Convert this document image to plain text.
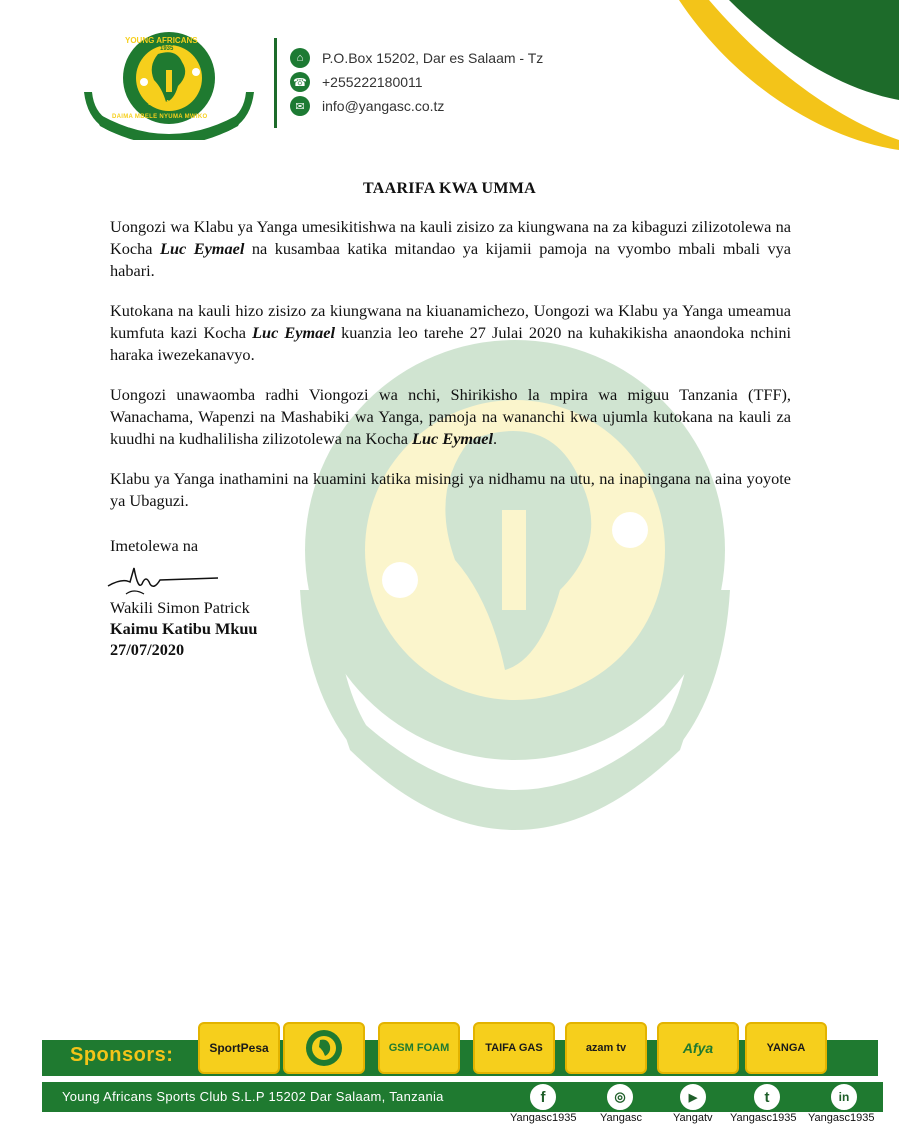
YOUNG AFRICANS
1935
TANZANIA
DAIMA MBELE NYUMA MWIKO
⌂	P.O.Box 15202, Dar es Salaam - Tz
☎ +255222180011
✉	info@yangasc.co.tz
TAARIFA KWA UMMA

Uongozi wa Klabu ya Yanga umesikitishwa na kauli zisizo za kiungwana na za kibaguzi zilizotolewa na Kocha Luc Eymael na kusambaa katika mitandao ya kijamii pamoja na vyombo mbali mbali vya habari.

Kutokana na kauli hizo zisizo za kiungwana na kiuanamichezo, Uongozi wa Klabu ya Yanga umeamua kumfuta kazi Kocha Luc Eymael kuanzia leo tarehe 27 Julai 2020 na kuhakikisha anaondoka nchini haraka iwezekanavyo.

Uongozi unawaomba radhi Viongozi wa nchi, Shirikisho la mpira wa miguu Tanzania (TFF), Wanachama, Wapenzi na Mashabiki wa Yanga, pamoja na wananchi kwa ujumla kutokana na kauli za kuudhi na kudhalilisha zilizotolewa na Kocha Luc Eymael.

Klabu ya Yanga inathamini na kuamini katika misingi ya nidhamu na utu, na inapingana na aina yoyote ya Ubaguzi.

Imetolewa na
Wakili Simon Patrick
Kaimu Katibu Mkuu
27/07/2020
Sponsors:	SportPesa	GSM FOAM	TAIFA GAS	azam tv	Afya	YANGA
Young Africans Sports Club S.L.P 15202 Dar Salaam, Tanzania	f	◎	▶	t	in
Yangasc1935 Yangasc	Yangatv Yangasc1935 Yangasc1935
